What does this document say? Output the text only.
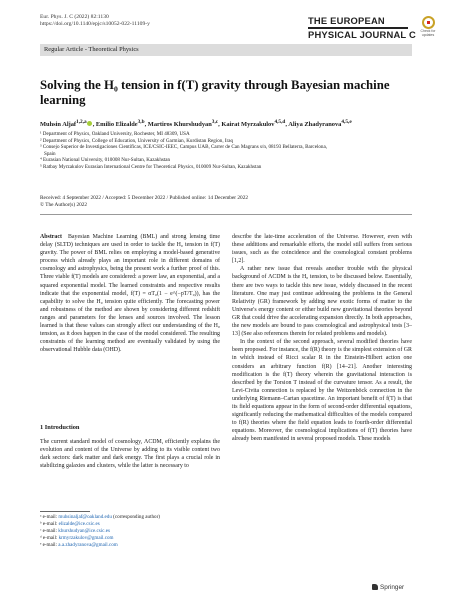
Eur. Phys. J. C (2022) 82:1130
https://doi.org/10.1140/epjc/s10052-022-11109-y	THE EUROPEAN
PHYSICAL JOURNAL C	Check for
updates
Regular Article - Theoretical Physics
Solving the H₀ tension in f(T) gravity through Bayesian machine learning
Muhsin Aljaf$^{1,2,a}$ , Emilio Elizalde$^{3,b}$, Martiros Khurshudyan$^{3,c}$, Kairat Myrzakulov$^{4,5,d}$, Aliya Zhadyranova$^{4,5,e}$
¹ Department of Physics, Oakland University, Rochester, MI 48309, USA
² Department of Physics, College of Education, University of Garmian, Kurdistan Region, Iraq
³ Consejo Superior de Investigaciones Científicas, ICE/CSIC-IEEC, Campus UAB, Carrer de Can Magrans s/n, 08193 Bellaterra, Barcelona,
Spain
⁴ Eurasian National University, 010008 Nur-Sultan, Kazakhstan
⁵ Ratbay Myrzakulov Eurasian International Centre for Theoretical Physics, 010009 Nur-Sultan, Kazakhstan
Received: 4 September 2022 / Accepted: 5 December 2022 / Published online: 14 December 2022
© The Author(s) 2022
Abstract Bayesian Machine Learning (BML) and strong lensing time delay (SLTD) techniques are used in order to tackle the H₀ tension in f(T) gravity. The power of BML relies on employing a model-based generative process which already plays an important role in different domains of cosmology and astrophysics, being the present work a further proof of this. Three viable f(T) models are considered: a power law, an exponential, and a squared exponential model. The learned constraints and respective results indicate that the exponential model, f(T) = αT₀(1 − e^(−pT/T₀)), has the capability to solve the H₀ tension quite efficiently. The forecasting power and robustness of the method are shown by considering different redshift ranges and parameters for the lenses and sources involved. The lesson learned is that these values can strongly affect our understanding of the H₀ tension, as it does happen in the case of the model considered. The resulting constraints of the learning method are eventually validated by using the observational Hubble data (OHD).
1 Introduction
The current standard model of cosmology, ΛCDM, efficiently explains the evolution and content of the Universe by adding to its visible content two dark sectors: dark matter and dark energy. The first plays a crucial role in stabilizing galaxies and clusters, while the latter is necessary to
ᵃ e-mail: muhsinaljaf@oakland.edu (corresponding author)
ᵇ e-mail: elizalde@ice.csic.es
ᶜ e-mail: khurshudyan@ice.csic.es
ᵈ e-mail: krmyrzakulov@gmail.com
ᵉ e-mail: a.a.zhadyranova@gmail.com

describe the late-time acceleration of the Universe. However, even with these additions and remarkable efforts, the model still suffers from serious issues, such as the coincidence and the cosmological constant problems [1,2].

A rather new issue that reveals another trouble with the physical background of ΛCDM is the H₀ tension, to be discussed below. Essentially, there are two ways to tackle this new issue, widely discussed in the recent literature. One may just continue addressing the problems in the General Relativity (GR) framework by adding new exotic forms of matter to the Universe's energy content or either build new gravitational theories beyond GR that could drive the accelerating expansion directly. In both approaches, the new models are bound to pass cosmological and astrophysical tests [3–13] (See also references therein for related problems and models).

In the context of the second approach, several modified theories have been proposed. For instance, the f(R) theory is the simplest extension of GR in which instead of Ricci scalar R in the Einstein-Hilbert action one considers an arbitrary function f(R) [14–21]. Another interesting modification is the f(T) theory wherein the gravitational interaction is described by the Torsion T instead of the curvature tensor. As a result, the Levi-Civita connection is replaced by the Weitzenböck connection in the underlying Riemann–Cartan spacetime. An important benefit of f(T) is that its field equations appear in the form of second-order differential equations, significantly reducing the mathematical difficulties of the models compared to f(R) theories where the field equation leads to fourth-order differential equations. Moreover, the cosmological implications of f(T) theories have already been manifested in several proposed models. These models

Springer
